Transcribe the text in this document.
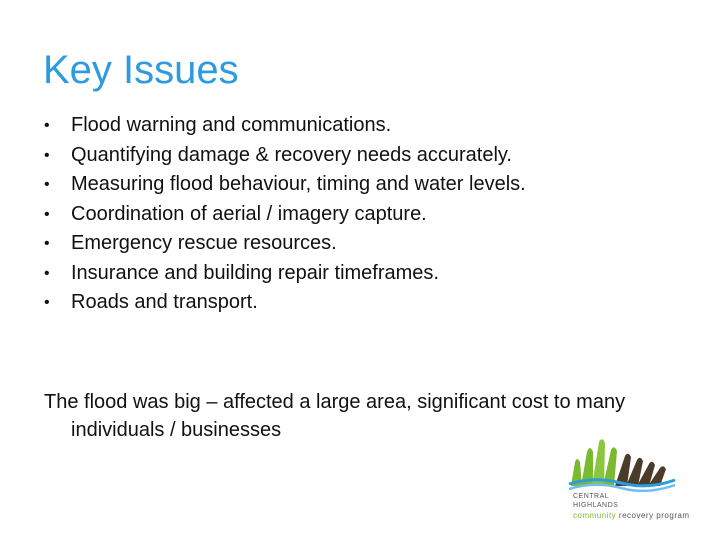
Key Issues
• Flood warning and communications.
• Quantifying damage & recovery needs accurately.
• Measuring flood behaviour, timing and water levels.
• Coordination of aerial / imagery capture.
• Emergency rescue resources.
• Insurance and building repair timeframes.
• Roads and transport.
The flood was big – affected a large area, significant cost to many individuals / businesses
CENTRAL
HIGHLANDS
community recovery program
